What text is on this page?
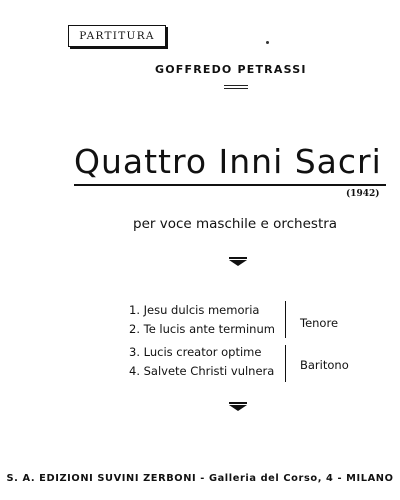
PARTITURA
GOFFREDO PETRASSI
Quattro Inni Sacri
(1942)
per voce maschile e orchestra
1. Jesu dulcis memoria
2. Te lucis ante terminum
3. Lucis creator optime
4. Salvete Christi vulnera
Tenore
Baritono
S. A. EDIZIONI SUVINI ZERBONI - Galleria del Corso, 4 - MILANO
